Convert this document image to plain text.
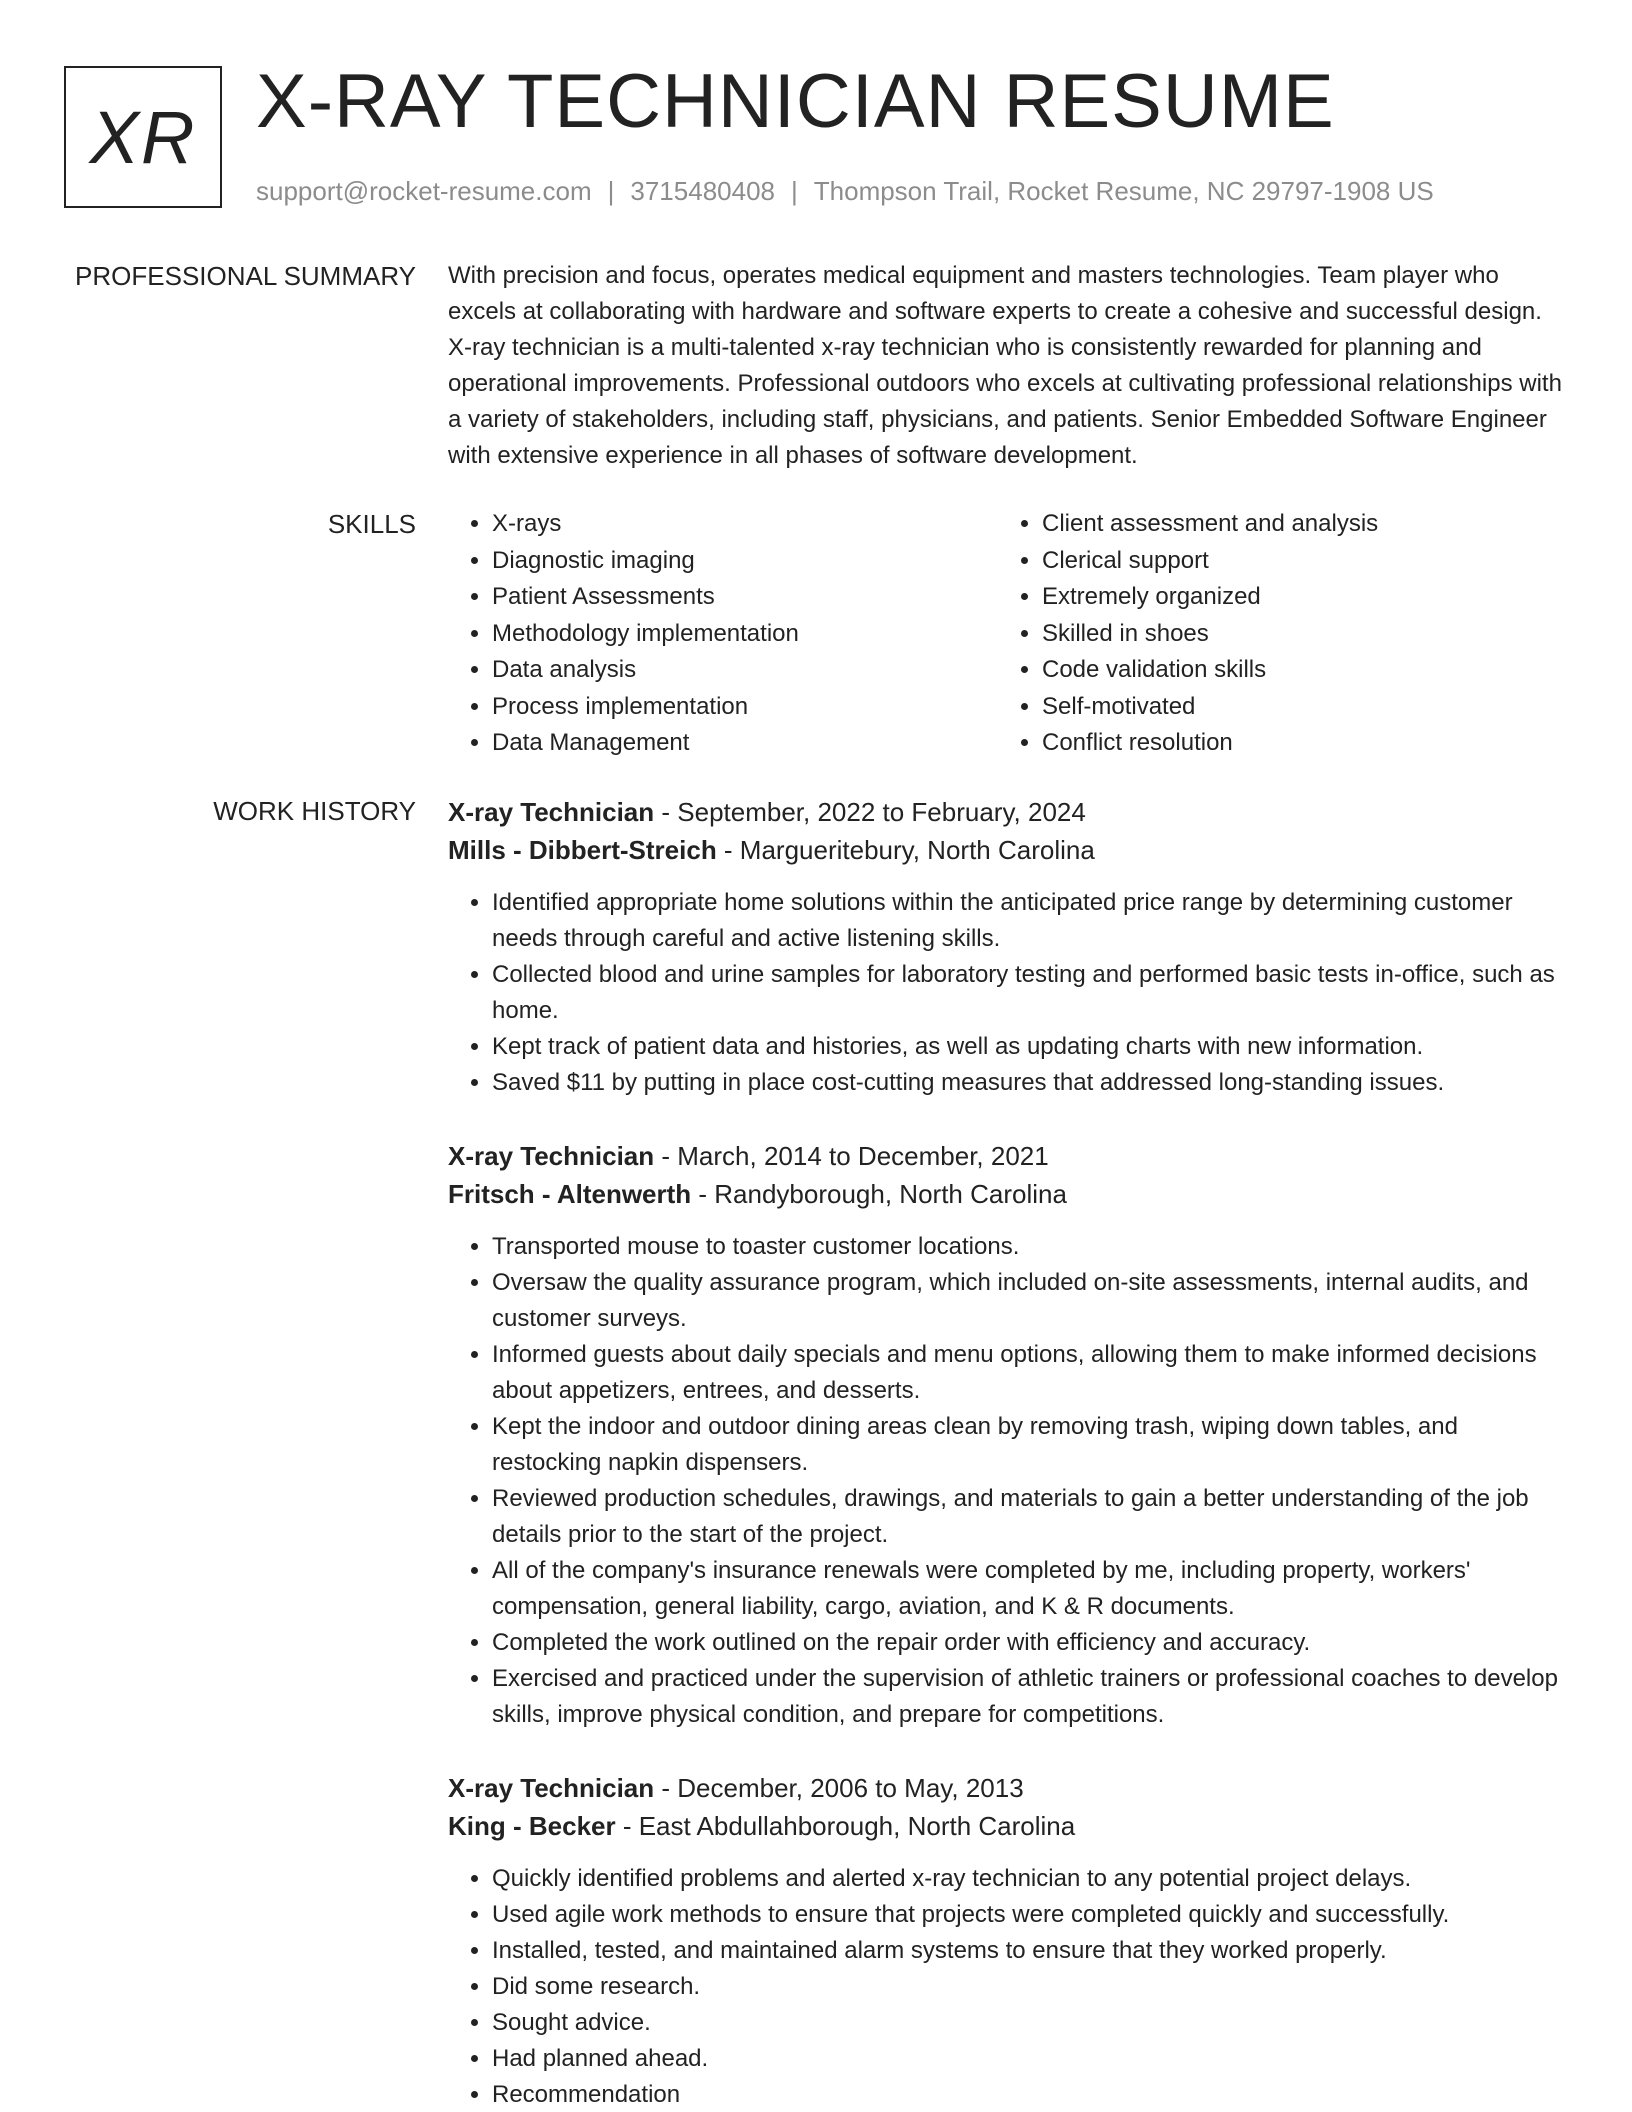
XR X-RAY TECHNICIAN RESUME
support@rocket-resume.com | 3715480408 | Thompson Trail, Rocket Resume, NC 29797-1908 US
PROFESSIONAL SUMMARY With precision and focus, operates medical equipment and masters technologies. Team player who excels at collaborating with hardware and software experts to create a cohesive and successful design. X-ray technician is a multi-talented x-ray technician who is consistently rewarded for planning and operational improvements. Professional outdoors who excels at cultivating professional relationships with a variety of stakeholders, including staff, physicians, and patients. Senior Embedded Software Engineer with extensive experience in all phases of software development.

SKILLS
•	X-rays
• Diagnostic imaging
• Patient Assessments
• Methodology implementation
• Data analysis
• Process implementation
• Data Management
• Client assessment and analysis
• Clerical support
• Extremely organized
• Skilled in shoes
• Code validation skills
• Self-motivated
• Conflict resolution
WORK HISTORY X-ray Technician - September, 2022 to February, 2024
Mills - Dibbert-Streich - Margueritebury, North Carolina
• Identified appropriate home solutions within the anticipated price range by determining customer needs through careful and active listening skills.
• Collected blood and urine samples for laboratory testing and performed basic tests in-office, such as home.
• Kept track of patient data and histories, as well as updating charts with new information.
• Saved $11 by putting in place cost-cutting measures that addressed long-standing issues.
X-ray Technician - March, 2014 to December, 2021
Fritsch - Altenwerth - Randyborough, North Carolina
• Transported mouse to toaster customer locations.
• Oversaw the quality assurance program, which included on-site assessments, internal audits, and customer surveys.
• Informed guests about daily specials and menu options, allowing them to make informed decisions about appetizers, entrees, and desserts.
• Kept the indoor and outdoor dining areas clean by removing trash, wiping down tables, and restocking napkin dispensers.
• Reviewed production schedules, drawings, and materials to gain a better understanding of the job details prior to the start of the project.
• All of the company's insurance renewals were completed by me, including property, workers' compensation, general liability, cargo, aviation, and K & R documents.
• Completed the work outlined on the repair order with efficiency and accuracy.
• Exercised and practiced under the supervision of athletic trainers or professional coaches to develop skills, improve physical condition, and prepare for competitions.
X-ray Technician - December, 2006 to May, 2013
King - Becker - East Abdullahborough, North Carolina
• Quickly identified problems and alerted x-ray technician to any potential project delays.
• Used agile work methods to ensure that projects were completed quickly and successfully.
• Installed, tested, and maintained alarm systems to ensure that they worked properly.
• Did some research.
• Sought advice.
• Had planned ahead.
• Recommendation
